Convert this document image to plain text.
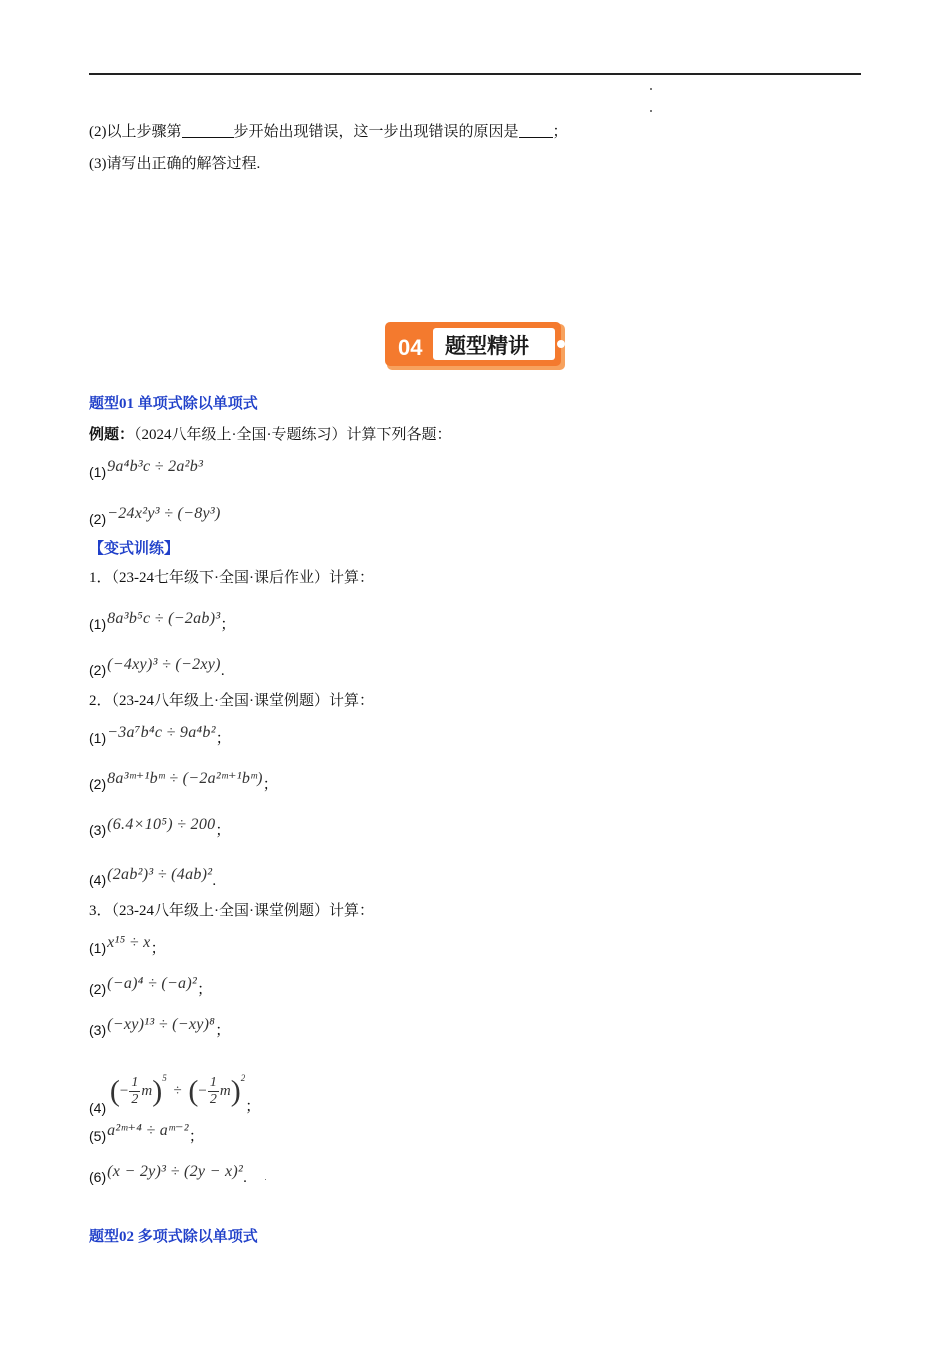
(2)以上步骤第	步开始出现错误，这一步出现错误的原因是 ；
(3)请写出正确的解答过程.
04 题型精讲
题型01 单项式除以单项式
例题：（2024八年级上·全国·专题练习）计算下列各题：
(1)9a⁴b³c ÷ 2a²b³
(2)−24x²y³ ÷ (−8y³)
【变式训练】
1．（23-24七年级下·全国·课后作业）计算：
(1)8a³b⁵c ÷ (−2ab)³；
(2)(−4xy)³ ÷ (−2xy).
2．（23-24八年级上·全国·课堂例题）计算：
(1)−3a⁷b⁴c ÷ 9a⁴b²；
(2)8a³ᵐ⁺¹bᵐ ÷ (−2a²ᵐ⁺¹bᵐ)；
(3)(6.4×10⁵) ÷ 200；
(4)(2ab²)³ ÷ (4ab)².
3．（23-24八年级上·全国·课堂例题）计算：
(1)x¹⁵ ÷ x；
(2)(−a)⁴ ÷ (−a)²；
(3)(−xy)¹³ ÷ (−xy)⁸；
(4) (− $\frac{1}{2} m)^5$ ÷ (− $\frac{1}{2} m)^2$；
(5)a²ᵐ⁺⁴ ÷ aᵐ⁻²；
(6)(x − 2y)³ ÷ (2y − x)².
题型02 多项式除以单项式
